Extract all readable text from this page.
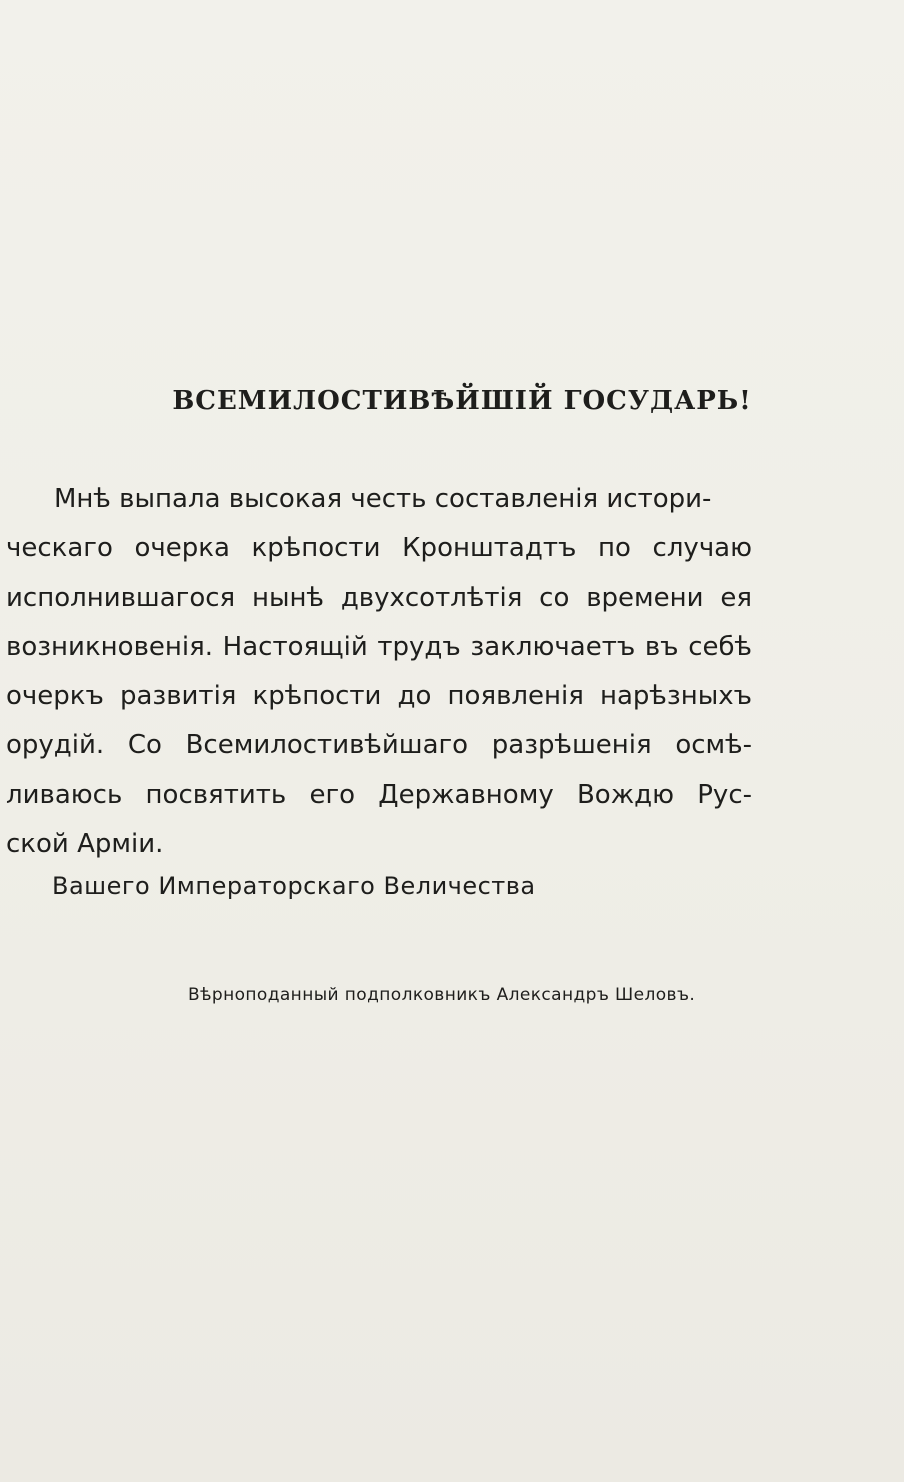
ВСЕМИЛОСТИВѢЙШІЙ ГОСУДАРЬ!
Мнѣ выпала высокая честь составленія истори-
ческаго очерка крѣпости Кронштадтъ по случаю
исполнившагося нынѣ двухсотлѣтія со времени ея
возникновенія. Настоящій трудъ заключаетъ въ себѣ
очеркъ развитія крѣпости до появленія нарѣзныхъ
орудій. Со Всемилостивѣйшаго разрѣшенія осмѣ-
ливаюсь посвятить его Державному Вождю Рус-
ской Арміи.
Вашего Императорскаго Величества
Вѣрноподанный подполковникъ Александръ Шеловъ.
